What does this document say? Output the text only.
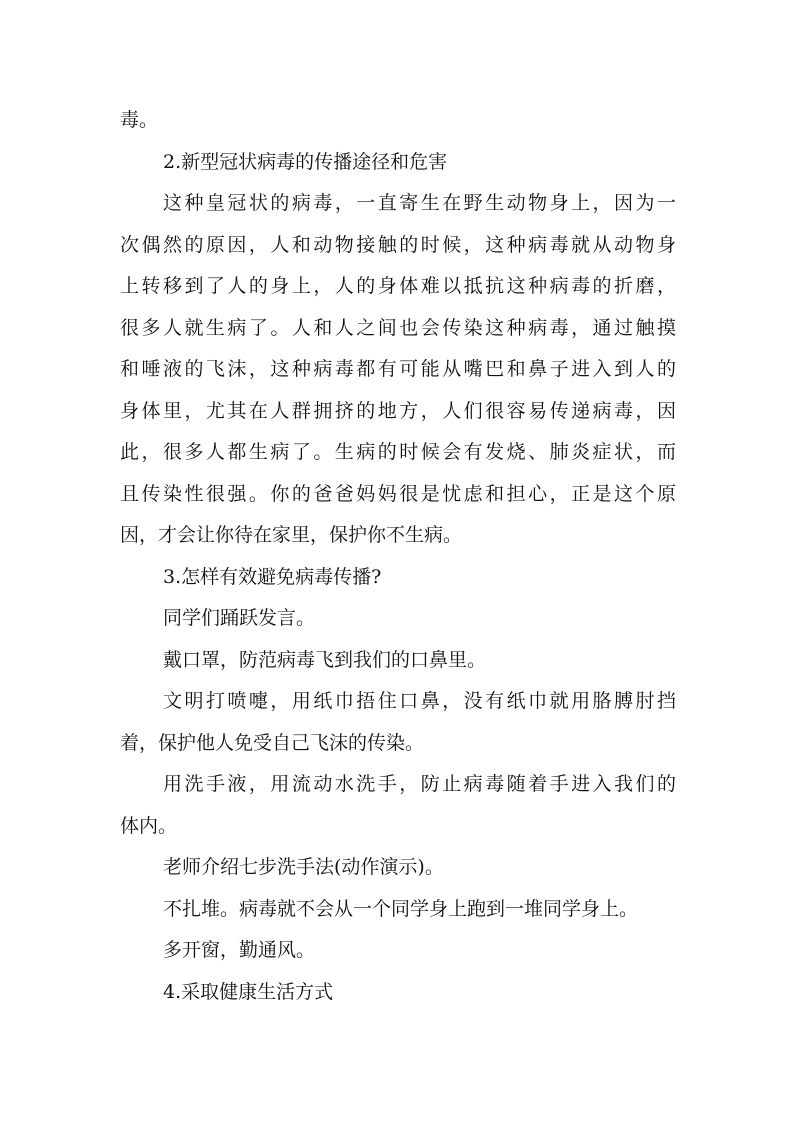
毒。
2.新型冠状病毒的传播途径和危害
这种皇冠状的病毒，一直寄生在野生动物身上，因为一
次偶然的原因，人和动物接触的时候，这种病毒就从动物身
上转移到了人的身上，人的身体难以抵抗这种病毒的折磨，
很多人就生病了。人和人之间也会传染这种病毒，通过触摸
和唾液的飞沫，这种病毒都有可能从嘴巴和鼻子进入到人的
身体里，尤其在人群拥挤的地方，人们很容易传递病毒，因
此，很多人都生病了。生病的时候会有发烧、肺炎症状，而
且传染性很强。你的爸爸妈妈很是忧虑和担心，正是这个原
因，才会让你待在家里，保护你不生病。
3.怎样有效避免病毒传播?
同学们踊跃发言。
戴口罩，防范病毒飞到我们的口鼻里。
文明打喷嚏，用纸巾捂住口鼻，没有纸巾就用胳膊肘挡
着，保护他人免受自己飞沫的传染。
用洗手液，用流动水洗手，防止病毒随着手进入我们的
体内。
老师介绍七步洗手法(动作演示)。
不扎堆。病毒就不会从一个同学身上跑到一堆同学身上。
多开窗，勤通风。
4.采取健康生活方式
